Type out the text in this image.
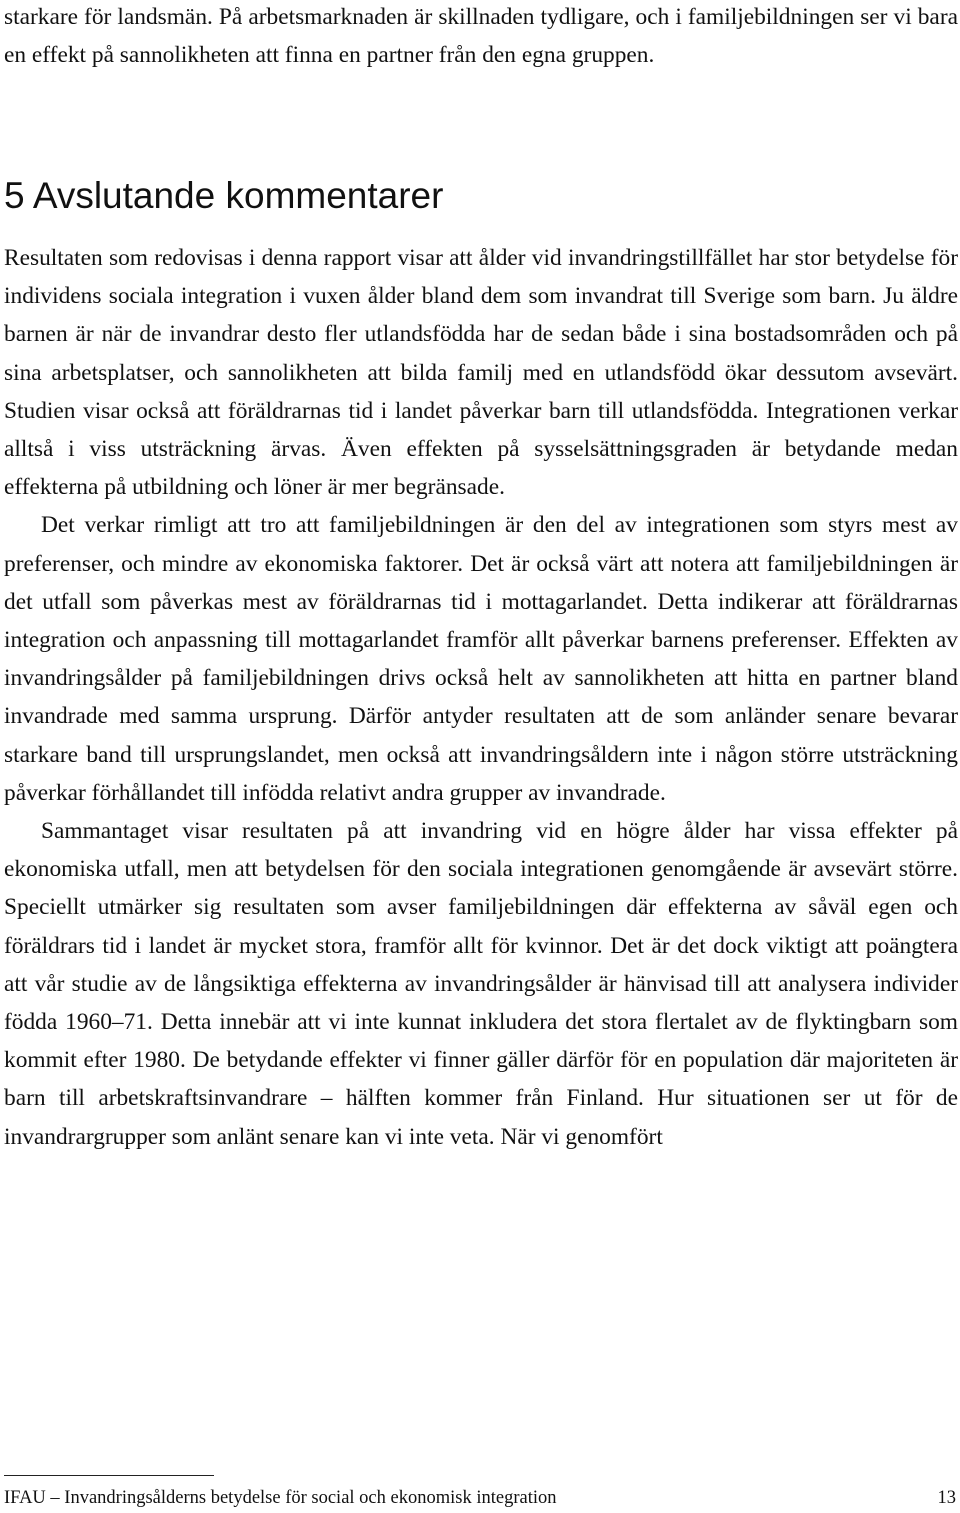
starkare för landsmän. På arbetsmarknaden är skillnaden tydligare, och i familjebildningen ser vi bara en effekt på sannolikheten att finna en partner från den egna gruppen.

5 Avslutande kommentarer

Resultaten som redovisas i denna rapport visar att ålder vid invandringstillfället har stor betydelse för individens sociala integration i vuxen ålder bland dem som invandrat till Sverige som barn. Ju äldre barnen är när de invandrar desto fler utlandsfödda har de sedan både i sina bostadsområden och på sina arbetsplatser, och sannolikheten att bilda familj med en utlandsfödd ökar dessutom avsevärt. Studien visar också att föräldrarnas tid i landet påverkar barn till utlandsfödda. Integrationen verkar alltså i viss utsträckning ärvas. Även effekten på sysselsättningsgraden är betydande medan effekterna på utbildning och löner är mer begränsade.

Det verkar rimligt att tro att familjebildningen är den del av integrationen som styrs mest av preferenser, och mindre av ekonomiska faktorer. Det är också värt att notera att familjebildningen är det utfall som påverkas mest av föräldrarnas tid i mottagarlandet. Detta indikerar att föräldrarnas integration och anpassning till mottagarlandet framför allt påverkar barnens preferenser. Effekten av invandringsålder på familjebildningen drivs också helt av sannolikheten att hitta en partner bland invandrade med samma ursprung. Därför antyder resultaten att de som anländer senare bevarar starkare band till ursprungslandet, men också att invandringsåldern inte i någon större utsträckning påverkar förhållandet till infödda relativt andra grupper av invandrade.

Sammantaget visar resultaten på att invandring vid en högre ålder har vissa effekter på ekonomiska utfall, men att betydelsen för den sociala integrationen genomgående är avsevärt större. Speciellt utmärker sig resultaten som avser familjebildningen där effekterna av såväl egen och föräldrars tid i landet är mycket stora, framför allt för kvinnor. Det är det dock viktigt att poängtera att vår studie av de långsiktiga effekterna av invandringsålder är hänvisad till att analysera individer födda 1960–71. Detta innebär att vi inte kunnat inkludera det stora flertalet av de flyktingbarn som kommit efter 1980. De betydande effekter vi finner gäller därför för en population där majoriteten är barn till arbetskraftsinvandrare – hälften kommer från Finland. Hur situationen ser ut för de invandrargrupper som anlänt senare kan vi inte veta. När vi genomfört

IFAU – Invandringsålderns betydelse för social och ekonomisk integration	13
